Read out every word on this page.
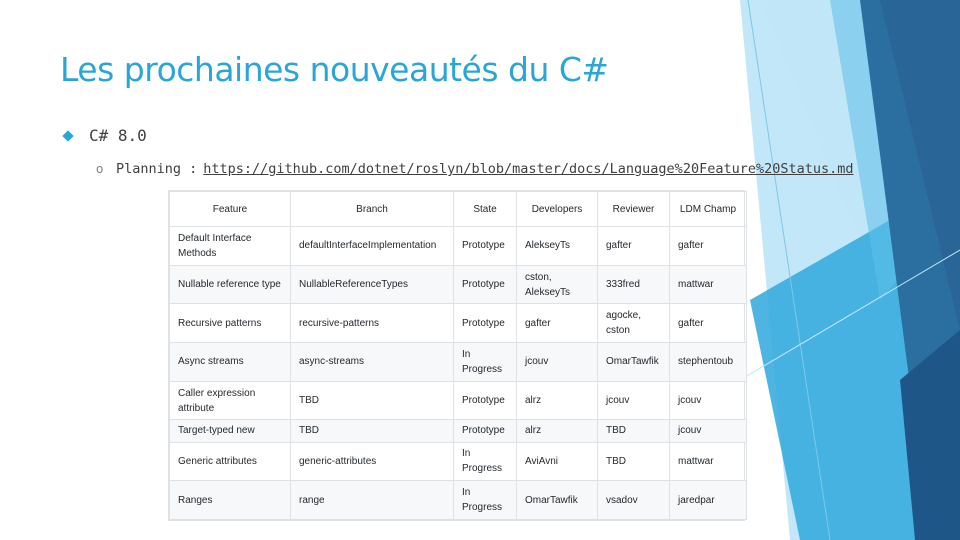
Les prochaines nouveautés du C#
C# 8.0
o Planning : https://github.com/dotnet/roslyn/blob/master/docs/Language%20Feature%20Status.md
Feature	Branch	State	Developers	Reviewer	LDM Champ
Default Interface Methods	defaultInterfaceImplementation	Prototype	AlekseyTs	gafter	gafter
Nullable reference type	NullableReferenceTypes	Prototype	cston, AlekseyTs	333fred	mattwar
Recursive patterns	recursive-patterns	Prototype	gafter	agocke, cston	gafter
Async streams	async-streams	In Progress	jcouv	OmarTawfik	stephentoub
Caller expression attribute	TBD	Prototype	alrz	jcouv	jcouv
Target-typed new	TBD	Prototype	alrz	TBD	jcouv
Generic attributes	generic-attributes	In Progress	AviAvni	TBD	mattwar
Ranges	range	In Progress	OmarTawfik	vsadov	jaredpar
